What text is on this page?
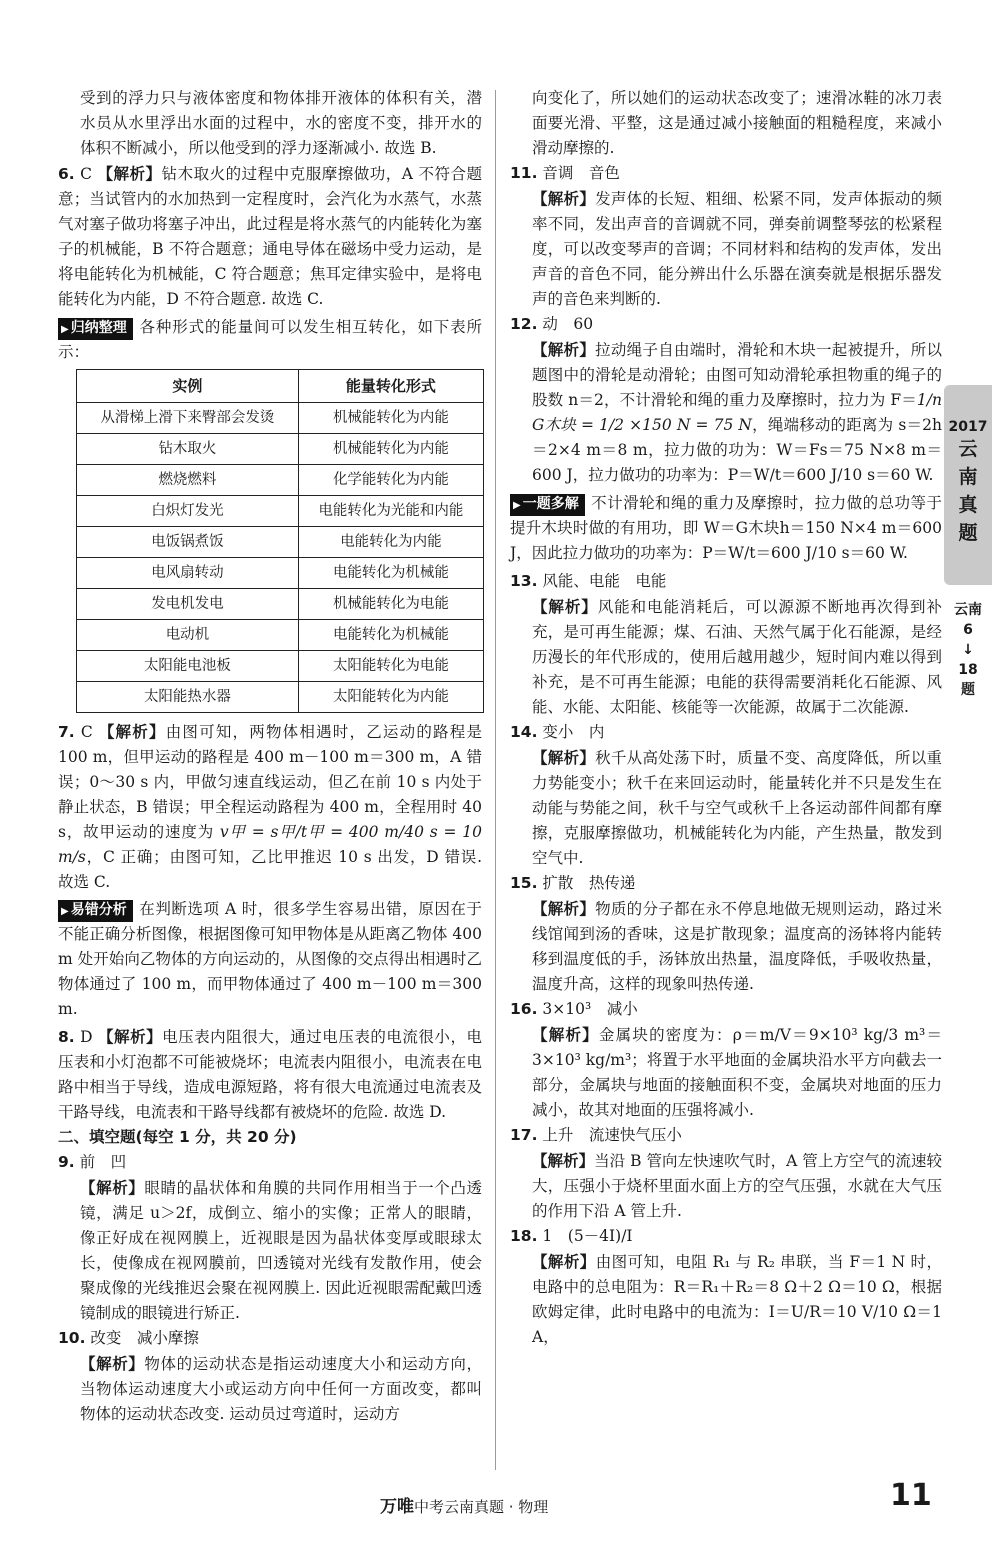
受到的浮力只与液体密度和物体排开液体的体积有关，潜水员从水里浮出水面的过程中，水的密度不变，排开水的体积不断减小，所以他受到的浮力逐渐减小. 故选 B.

6. C 【解析】钻木取火的过程中克服摩擦做功，A 不符合题意；当试管内的水加热到一定程度时，会汽化为水蒸气，水蒸气对塞子做功将塞子冲出，此过程是将水蒸气的内能转化为塞子的机械能，B 不符合题意；通电导体在磁场中受力运动，是将电能转化为机械能，C 符合题意；焦耳定律实验中，是将电能转化为内能，D 不符合题意. 故选 C.

▶ 归纳整理 各种形式的能量间可以发生相互转化，如下表所示：

实例	能量转化形式
从滑梯上滑下来臀部会发烫	机械能转化为内能
钻木取火	机械能转化为内能
燃烧燃料	化学能转化为内能
白炽灯发光	电能转化为光能和内能
电饭锅煮饭	电能转化为内能
电风扇转动	电能转化为机械能
发电机发电	机械能转化为电能
电动机	电能转化为机械能
太阳能电池板	太阳能转化为电能
太阳能热水器	太阳能转化为内能

7. C 【解析】由图可知，两物体相遇时，乙运动的路程是 100 m，但甲运动的路程是 400 m－100 m＝300 m，A 错误；0～30 s 内，甲做匀速直线运动，但乙在前 10 s 内处于静止状态，B 错误；甲全程运动路程为 400 m，全程用时 40 s，故甲运动的速度为 v甲 = s甲/t甲 = 400 m/40 s = 10 m/s，C 正确；由图可知，乙比甲推迟 10 s 出发，D 错误. 故选 C.

▶ 易错分析 在判断选项 A 时，很多学生容易出错，原因在于不能正确分析图像，根据图像可知甲物体是从距离乙物体 400 m 处开始向乙物体的方向运动的，从图像的交点得出相遇时乙物体通过了 100 m，而甲物体通过了 400 m－100 m＝300 m.

8. D 【解析】电压表内阻很大，通过电压表的电流很小，电压表和小灯泡都不可能被烧坏；电流表内阻很小，电流表在电路中相当于导线，造成电源短路，将有很大电流通过电流表及干路导线，电流表和干路导线都有被烧坏的危险. 故选 D.

二、填空题(每空 1 分，共 20 分)

9. 前　凹

【解析】眼睛的晶状体和角膜的共同作用相当于一个凸透镜，满足 u＞2f，成倒立、缩小的实像；正常人的眼睛，像正好成在视网膜上，近视眼是因为晶状体变厚或眼球太长，使像成在视网膜前，凹透镜对光线有发散作用，使会聚成像的光线推迟会聚在视网膜上. 因此近视眼需配戴凹透镜制成的眼镜进行矫正.

10. 改变　减小摩擦

【解析】物体的运动状态是指运动速度大小和运动方向，当物体运动速度大小或运动方向中任何一方面改变，都叫物体的运动状态改变. 运动员过弯道时，运动方

向变化了，所以她们的运动状态改变了；速滑冰鞋的冰刀表面要光滑、平整，这是通过减小接触面的粗糙程度，来减小滑动摩擦的.

11. 音调　音色

【解析】发声体的长短、粗细、松紧不同，发声体振动的频率不同，发出声音的音调就不同，弹奏前调整琴弦的松紧程度，可以改变琴声的音调；不同材料和结构的发声体，发出声音的音色不同，能分辨出什么乐器在演奏就是根据乐器发声的音色来判断的.

12. 动　60

【解析】拉动绳子自由端时，滑轮和木块一起被提升，所以题图中的滑轮是动滑轮；由图可知动滑轮承担物重的绳子的股数 n＝2，不计滑轮和绳的重力及摩擦时，拉力为 F＝1/n G木块 = 1/2 ×150 N = 75 N，绳端移动的距离为 s＝2h＝2×4 m＝8 m，拉力做的功为：W＝Fs＝75 N×8 m＝600 J，拉力做功的功率为：P＝W/t＝600 J/10 s＝60 W.

▶ 一题多解 不计滑轮和绳的重力及摩擦时，拉力做的总功等于提升木块时做的有用功，即 W＝G木块h＝150 N×4 m＝600 J，因此拉力做功的功率为：P＝W/t＝600 J/10 s＝60 W.

13. 风能、电能　电能

【解析】风能和电能消耗后，可以源源不断地再次得到补充，是可再生能源；煤、石油、天然气属于化石能源，是经历漫长的年代形成的，使用后越用越少，短时间内难以得到补充，是不可再生能源；电能的获得需要消耗化石能源、风能、水能、太阳能、核能等一次能源，故属于二次能源.

14. 变小　内

【解析】秋千从高处荡下时，质量不变、高度降低，所以重力势能变小；秋千在来回运动时，能量转化并不只是发生在动能与势能之间，秋千与空气或秋千上各运动部件间都有摩擦，克服摩擦做功，机械能转化为内能，产生热量，散发到空气中.

15. 扩散　热传递

【解析】物质的分子都在永不停息地做无规则运动，路过米线馆闻到汤的香味，这是扩散现象；温度高的汤钵将内能转移到温度低的手，汤钵放出热量，温度降低，手吸收热量，温度升高，这样的现象叫热传递.

16. 3×10³　减小

【解析】金属块的密度为：ρ＝m/V＝9×10³ kg/3 m³＝3×10³ kg/m³；将置于水平地面的金属块沿水平方向截去一部分，金属块与地面的接触面积不变，金属块对地面的压力减小，故其对地面的压强将减小.

17. 上升　流速快气压小

【解析】当沿 B 管向左快速吹气时，A 管上方空气的流速较大，压强小于烧杯里面水面上方的空气压强，水就在大气压的作用下沿 A 管上升.

18. 1　(5－4I)/I

【解析】由图可知，电阻 R₁ 与 R₂ 串联，当 F＝1 N 时，电路中的总电阻为：R＝R₁＋R₂＝8 Ω＋2 Ω＝10 Ω，根据欧姆定律，此时电路中的电流为：I＝U/R＝10 V/10 Ω＝1 A，

2017
云
南
真
题
云南
6
↓
18
题
万唯中考云南真题 · 物理	11
